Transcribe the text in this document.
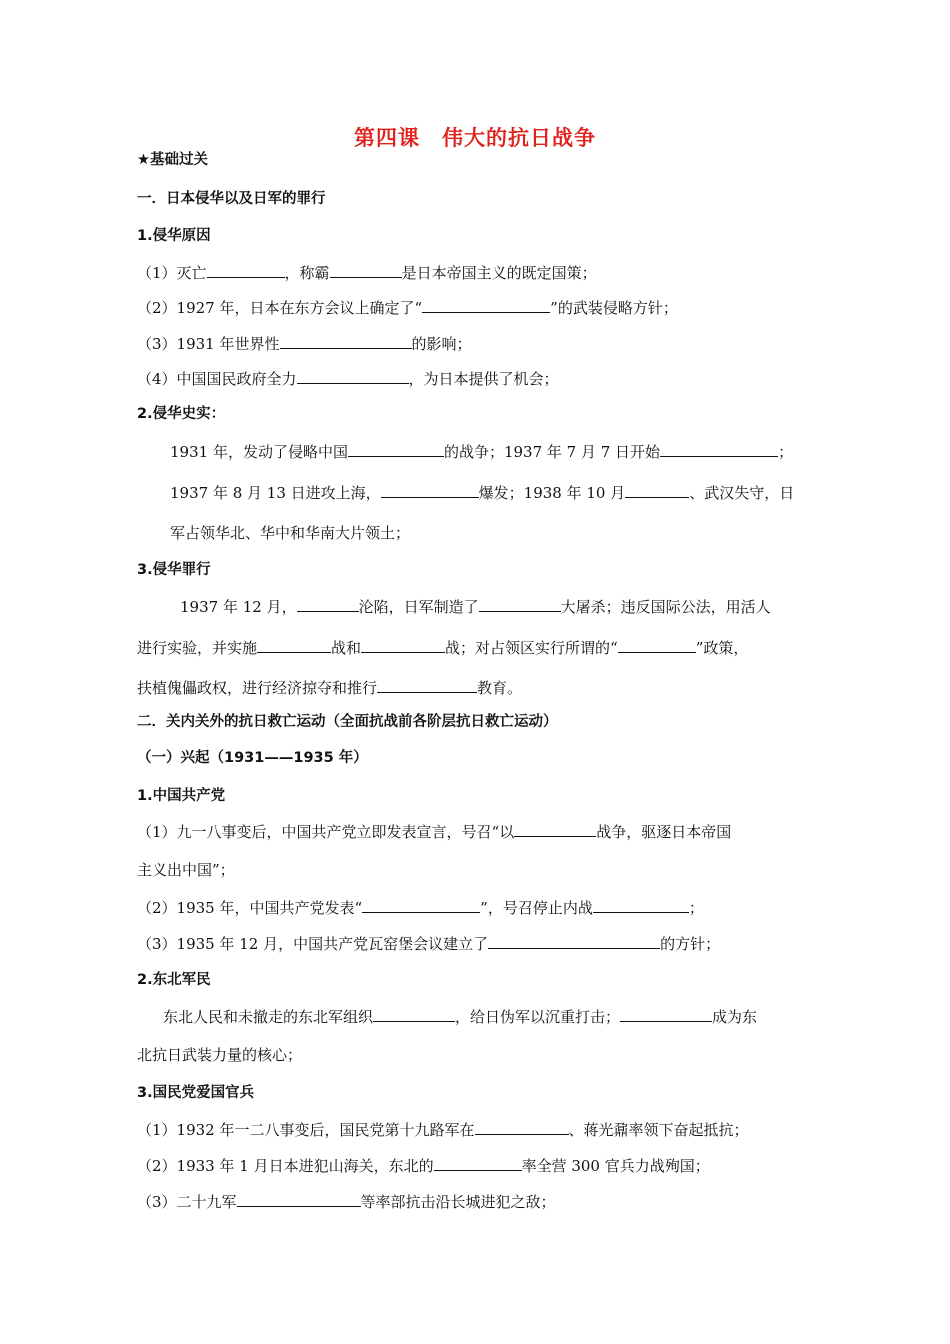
第四课　伟大的抗日战争
★基础过关
一．日本侵华以及日军的罪行
1.侵华原因
（1）灭亡	，称霸	是日本帝国主义的既定国策；
（2）1927 年，日本在东方会议上确定了“	”的武装侵略方针；
（3）1931 年世界性	的影响；
（4）中国国民政府全力	，为日本提供了机会；
2.侵华史实：
1931 年，发动了侵略中国	的战争；1937 年 7 月 7 日开始	；
1937 年 8 月 13 日进攻上海，	爆发；1938 年 10 月	、武汉失守，日
军占领华北、华中和华南大片领土；
3.侵华罪行
1937 年 12 月，	沦陷，日军制造了	大屠杀；违反国际公法，用活人
进行实验，并实施	战和	战；对占领区实行所谓的“	”政策，
扶植傀儡政权，进行经济掠夺和推行	教育。
二．关内关外的抗日救亡运动（全面抗战前各阶层抗日救亡运动）
（一）兴起（1931——1935 年）
1.中国共产党
（1）九一八事变后，中国共产党立即发表宣言，号召“以	战争，驱逐日本帝国
主义出中国”；
（2）1935 年，中国共产党发表“	”，号召停止内战	；
（3）1935 年 12 月，中国共产党瓦窑堡会议建立了	的方针；
2.东北军民
东北人民和未撤走的东北军组织	，给日伪军以沉重打击；	成为东
北抗日武装力量的核心；
3.国民党爱国官兵
（1）1932 年一二八事变后，国民党第十九路军在	、蒋光鼐率领下奋起抵抗；
（2）1933 年 1 月日本进犯山海关，东北的	率全营 300 官兵力战殉国；
（3）二十九军	等率部抗击沿长城进犯之敌；
